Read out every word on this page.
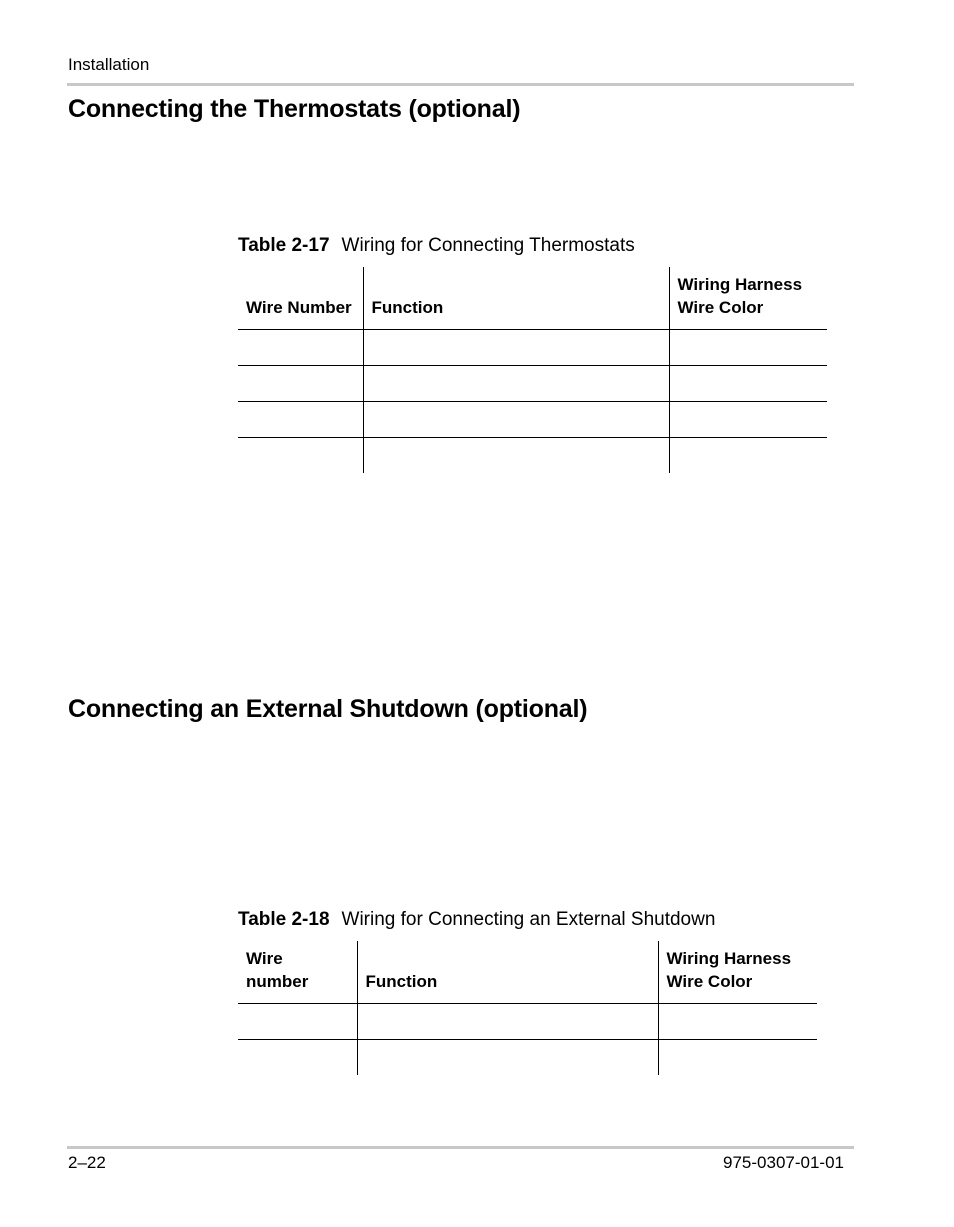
Installation
Connecting the Thermostats (optional)
Table 2-17 Wiring for Connecting Thermostats
Wire Number	Function	Wiring Harness
Wire Color

Connecting an External Shutdown (optional)
Table 2-18 Wiring for Connecting an External Shutdown
Wire number	Function	Wiring Harness
Wire Color

2–22	975-0307-01-01
